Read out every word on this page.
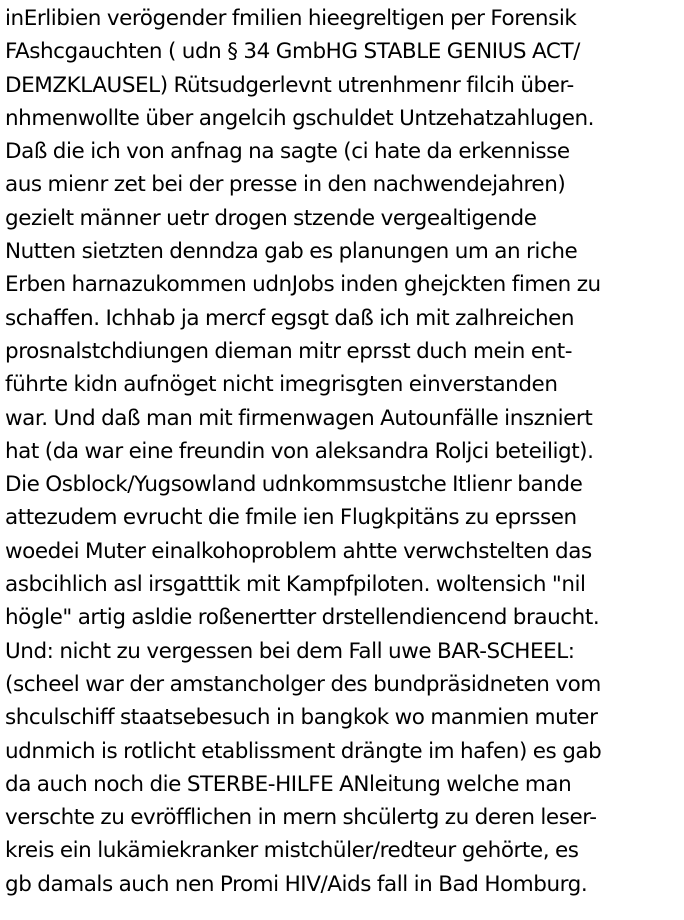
inErlibien verögender fmilien hieegreltigen per Forensik
FAshcgauchten ( udn § 34 GmbHG STABLE GENIUS ACT/
DEMZKLAUSEL) Rütsudgerlevnt utrenhmenr filcih über-
nhmenwollte über angelcih gschuldet Untzehatzahlugen.
Daß die ich von anfnag na sagte (ci hate da erkennisse
aus mienr zet bei der presse in den nachwendejahren)
gezielt männer uetr drogen stzende vergealtigende
Nutten sietzten denndza gab es planungen um an riche
Erben harnazukommen udnJobs inden ghejckten fimen zu
schaffen. Ichhab ja mercf egsgt daß ich mit zalhreichen
prosnalstchdiungen dieman mitr eprsst duch mein ent-
führte kidn aufnöget nicht imegrisgten einverstanden
war. Und daß man mit firmenwagen Autounfälle inszniert
hat (da war eine freundin von aleksandra Roljci beteiligt).
Die Osblock/Yugsowland udnkommsustche Itlienr bande
attezudem evrucht die fmile ien Flugkpitäns zu eprssen
woedei Muter einalkohoproblem ahtte verwchstelten das
asbcihlich asl irsgatttik mit Kampfpiloten. woltensich "nil
högle" artig asldie roßenertter drstellendiencend braucht.
Und: nicht zu vergessen bei dem Fall uwe BAR-SCHEEL:
(scheel war der amstancholger des bundpräsidneten vom
shculschiff staatsebesuch in bangkok wo manmien muter
udnmich is rotlicht etablissment drängte im hafen) es gab
da auch noch die STERBE-HILFE ANleitung welche man
verschte zu evröfflichen in mern shcülertg zu deren leser-
kreis ein lukämiekranker mistchüler/redteur gehörte, es
gb damals auch nen Promi HIV/Aids fall in Bad Homburg.
